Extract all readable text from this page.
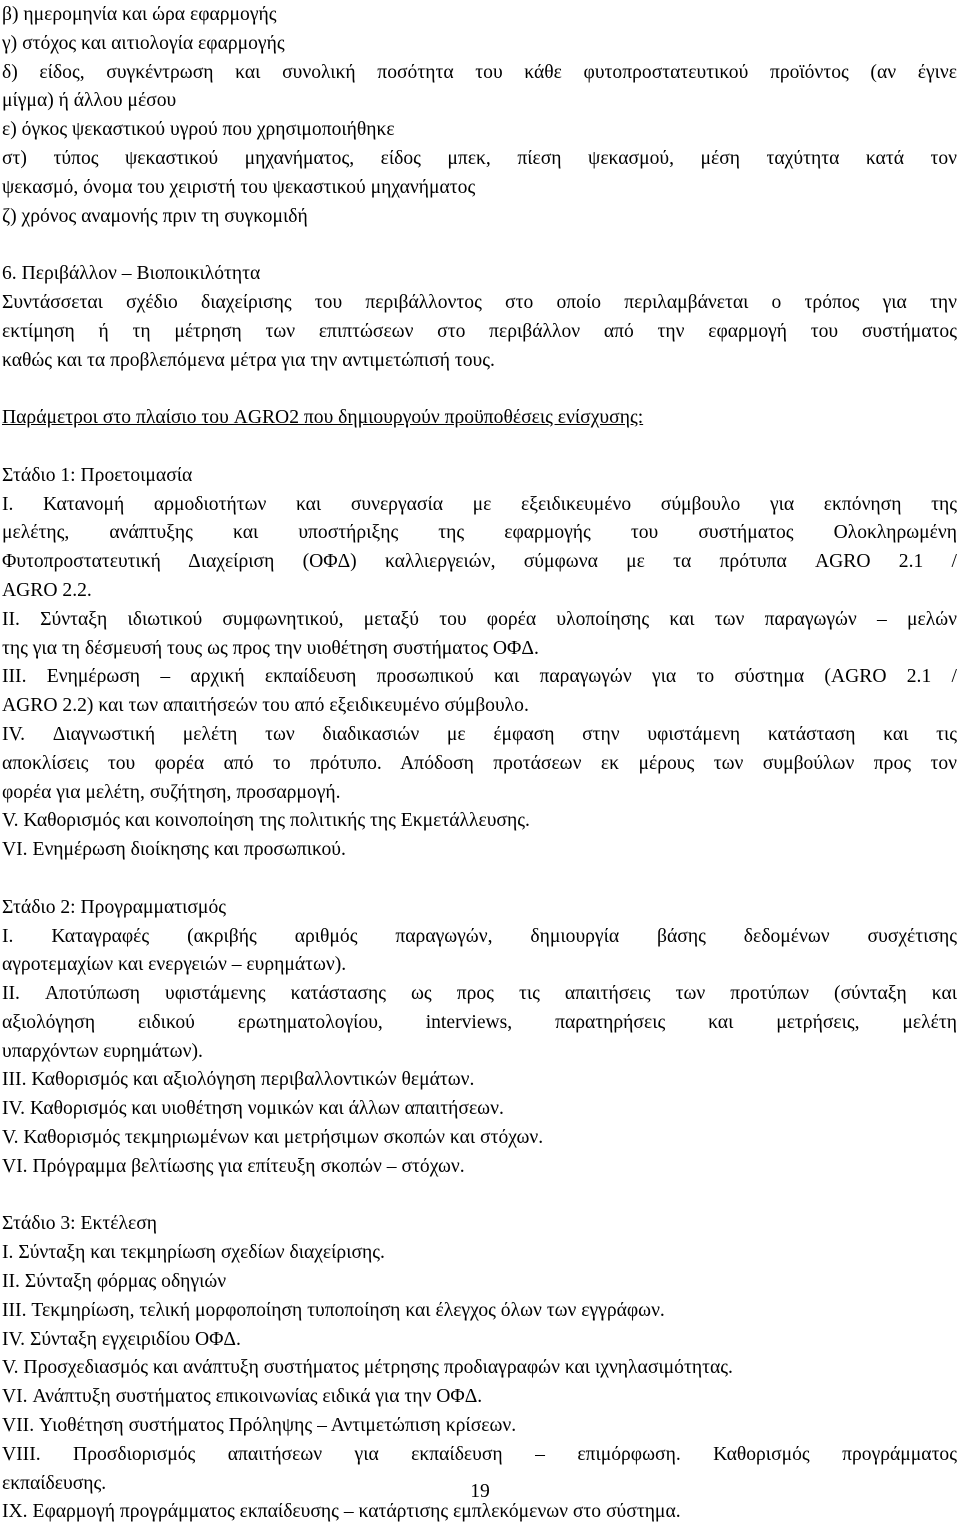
β) ημερομηνία και ώρα εφαρμογής
γ) στόχος και αιτιολογία εφαρμογής
δ) είδος, συγκέντρωση και συνολική ποσότητα του κάθε φυτοπροστατευτικού προϊόντος (αν έγινε
μίγμα) ή άλλου μέσου
ε) όγκος ψεκαστικού υγρού που χρησιμοποιήθηκε
στ) τύπος ψεκαστικού μηχανήματος, είδος μπεκ, πίεση ψεκασμού, μέση ταχύτητα κατά τον
ψεκασμό, όνομα του χειριστή του ψεκαστικού μηχανήματος
ζ) χρόνος αναμονής πριν τη συγκομιδή
6. Περιβάλλον – Βιοποικιλότητα
Συντάσσεται σχέδιο διαχείρισης του περιβάλλοντος στο οποίο περιλαμβάνεται ο τρόπος για την
εκτίμηση ή τη μέτρηση των επιπτώσεων στο περιβάλλον από την εφαρμογή του συστήματος
καθώς και τα προβλεπόμενα μέτρα για την αντιμετώπισή τους.
Παράμετροι στο πλαίσιο του AGRO2 που δημιουργούν προϋποθέσεις ενίσχυσης:
Στάδιο 1: Προετοιμασία
I. Κατανομή αρμοδιοτήτων και συνεργασία με εξειδικευμένο σύμβουλο για εκπόνηση της
μελέτης, ανάπτυξης και υποστήριξης της εφαρμογής του συστήματος Ολοκληρωμένη
Φυτοπροστατευτική Διαχείριση (ΟΦΔ) καλλιεργειών, σύμφωνα με τα πρότυπα AGRO 2.1 /
AGRO 2.2.
II. Σύνταξη ιδιωτικού συμφωνητικού, μεταξύ του φορέα υλοποίησης και των παραγωγών – μελών
της για τη δέσμευσή τους ως προς την υιοθέτηση συστήματος ΟΦΔ.
III. Ενημέρωση – αρχική εκπαίδευση προσωπικού και παραγωγών για το σύστημα (AGRO 2.1 /
AGRO 2.2) και των απαιτήσεών του από εξειδικευμένο σύμβουλο.
IV. Διαγνωστική μελέτη των διαδικασιών με έμφαση στην υφιστάμενη κατάσταση και τις
αποκλίσεις του φορέα από το πρότυπο. Απόδοση προτάσεων εκ μέρους των συμβούλων προς τον
φορέα για μελέτη, συζήτηση, προσαρμογή.
V. Καθορισμός και κοινοποίηση της πολιτικής της Εκμετάλλευσης.
VI. Ενημέρωση διοίκησης και προσωπικού.
Στάδιο 2: Προγραμματισμός
I. Καταγραφές (ακριβής αριθμός παραγωγών, δημιουργία βάσης δεδομένων συσχέτισης
αγροτεμαχίων και ενεργειών – ευρημάτων).
II. Αποτύπωση υφιστάμενης κατάστασης ως προς τις απαιτήσεις των προτύπων (σύνταξη και
αξιολόγηση ειδικού ερωτηματολογίου, interviews, παρατηρήσεις και μετρήσεις, μελέτη
υπαρχόντων ευρημάτων).
III. Καθορισμός και αξιολόγηση περιβαλλοντικών θεμάτων.
IV. Καθορισμός και υιοθέτηση νομικών και άλλων απαιτήσεων.
V. Καθορισμός τεκμηριωμένων και μετρήσιμων σκοπών και στόχων.
VI. Πρόγραμμα βελτίωσης για επίτευξη σκοπών – στόχων.
Στάδιο 3: Εκτέλεση
I. Σύνταξη και τεκμηρίωση σχεδίων διαχείρισης.
II. Σύνταξη φόρμας οδηγιών
III. Τεκμηρίωση, τελική μορφοποίηση τυποποίηση και έλεγχος όλων των εγγράφων.
IV. Σύνταξη εγχειριδίου ΟΦΔ.
V. Προσχεδιασμός και ανάπτυξη συστήματος μέτρησης προδιαγραφών και ιχνηλασιμότητας.
VI. Ανάπτυξη συστήματος επικοινωνίας ειδικά για την ΟΦΔ.
VII. Υιοθέτηση συστήματος Πρόληψης – Αντιμετώπιση κρίσεων.
VIII. Προσδιορισμός απαιτήσεων για εκπαίδευση – επιμόρφωση. Καθορισμός προγράμματος
εκπαίδευσης.
IX. Εφαρμογή προγράμματος εκπαίδευσης – κατάρτισης εμπλεκόμενων στο σύστημα.
19
